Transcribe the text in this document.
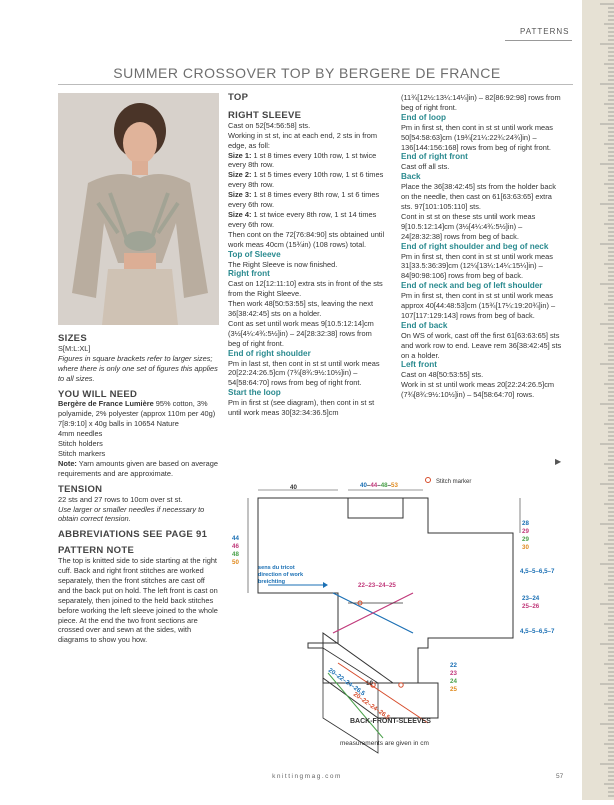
PATTERNS
SUMMER CROSSOVER TOP BY BERGERE DE FRANCE

SIZES

S[M:L:XL]

Figures in square brackets refer to larger sizes; where there is only one set of figures this applies to all sizes.

YOU WILL NEED

Bergère de France Lumière 95% cotton, 3% polyamide, 2% polyester (approx 110m per 40g)

7[8:9:10] x 40g balls in 10654 Nature

4mm needles

Stitch holders

Stitch markers

Note: Yarn amounts given are based on average requirements and are approximate.

TENSION

22 sts and 27 rows to 10cm over st st.

Use larger or smaller needles if necessary to obtain correct tension.

ABBREVIATIONS SEE PAGE 91

PATTERN NOTE

The top is knitted side to side starting at the right cuff. Back and right front stitches are worked separately, then the front stitches are cast off and the back put on hold. The left front is cast on separately, then joined to the held back stitches before working the left sleeve joined to the whole piece. At the end the two front sections are crossed over and sewn at the sides, with diagrams to show you how.

TOP

RIGHT SLEEVE

Cast on 52[54:56:58] sts.

Working in st st, inc at each end, 2 sts in from edge, as foll:

Size 1: 1 st 8 times every 10th row, 1 st twice every 8th row.

Size 2: 1 st 5 times every 10th row, 1 st 6 times every 8th row.

Size 3: 1 st 8 times every 8th row, 1 st 6 times every 6th row.

Size 4: 1 st twice every 8th row, 1 st 14 times every 6th row.

Then cont on the 72[76:84:90] sts obtained until work meas 40cm (15¾in) (108 rows) total.

Top of Sleeve

The Right Sleeve is now finished.

Right front

Cast on 12[12:11:10] extra sts in front of the sts from the Right Sleeve.

Then work 48[50:53:55] sts, leaving the next 36[38:42:45] sts on a holder.

Cont as set until work meas 9[10.5:12:14]cm (3½[4¼:4¾:5½]in) – 24[28:32:38] rows from beg of right front.

End of right shoulder

Pm in last st, then cont in st st until work meas 20[22:24:26.5]cm (7¾[8¾:9½:10½]in) – 54[58:64:70] rows from beg of right front.

Start the loop

Pm in first st (see diagram), then cont in st st until work meas 30[32:34:36.5]cm

(11¾[12½:13¼:14¼]in) – 82[86:92:98] rows from beg of right front.

End of loop

Pm in first st, then cont in st st until work meas 50[54:58:63]cm (19¾[21¼:22¾:24¾]in) – 136[144:156:168] rows from beg of right front.

End of right front

Cast off all sts.

Back

Place the 36[38:42:45] sts from the holder back on the needle, then cast on 61[63:63:65] extra sts. 97[101:105:110] sts.

Cont in st st on these sts until work meas 9[10.5:12:14]cm (3½[4¼:4¾:5½]in) – 24[28:32:38] rows from beg of back.

End of right shoulder and beg of neck

Pm in first st, then cont in st st until work meas 31[33.5:36:39]cm (12¼[13¼:14¼:15¼]in) –84[90:98:106] rows from beg of back.

End of neck and beg of left shoulder

Pm in first st, then cont in st st until work meas approx 40[44:48:53]cm (15¾[17¼:19:20¾]in) – 107[117:129:143] rows from beg of back.

End of back

On WS of work, cast off the first 61[63:63:65] sts and work row to end. Leave rem 36[38:42:45] sts on a holder.

Left front

Cast on 48[50:53:55] sts.

Work in st st until work meas 20[22:24:26.5]cm (7¾[8¾:9½:10½]in) – 54[58:64:70] rows.

▶
40	40–44–48–53	Stitch marker
28
29
29
30
44
46
48
50
4,5–5–6,5–7
sens du tricot
direction of work
breichting	22–23–24–25
23–24
25–26
4,5–5–6,5–7
20–22–24–26,5
20–22–24–26,5
10
22
23
24
25
BACK-FRONT-SLEEVES
measurements are given in cm
knittingmag.com	57
